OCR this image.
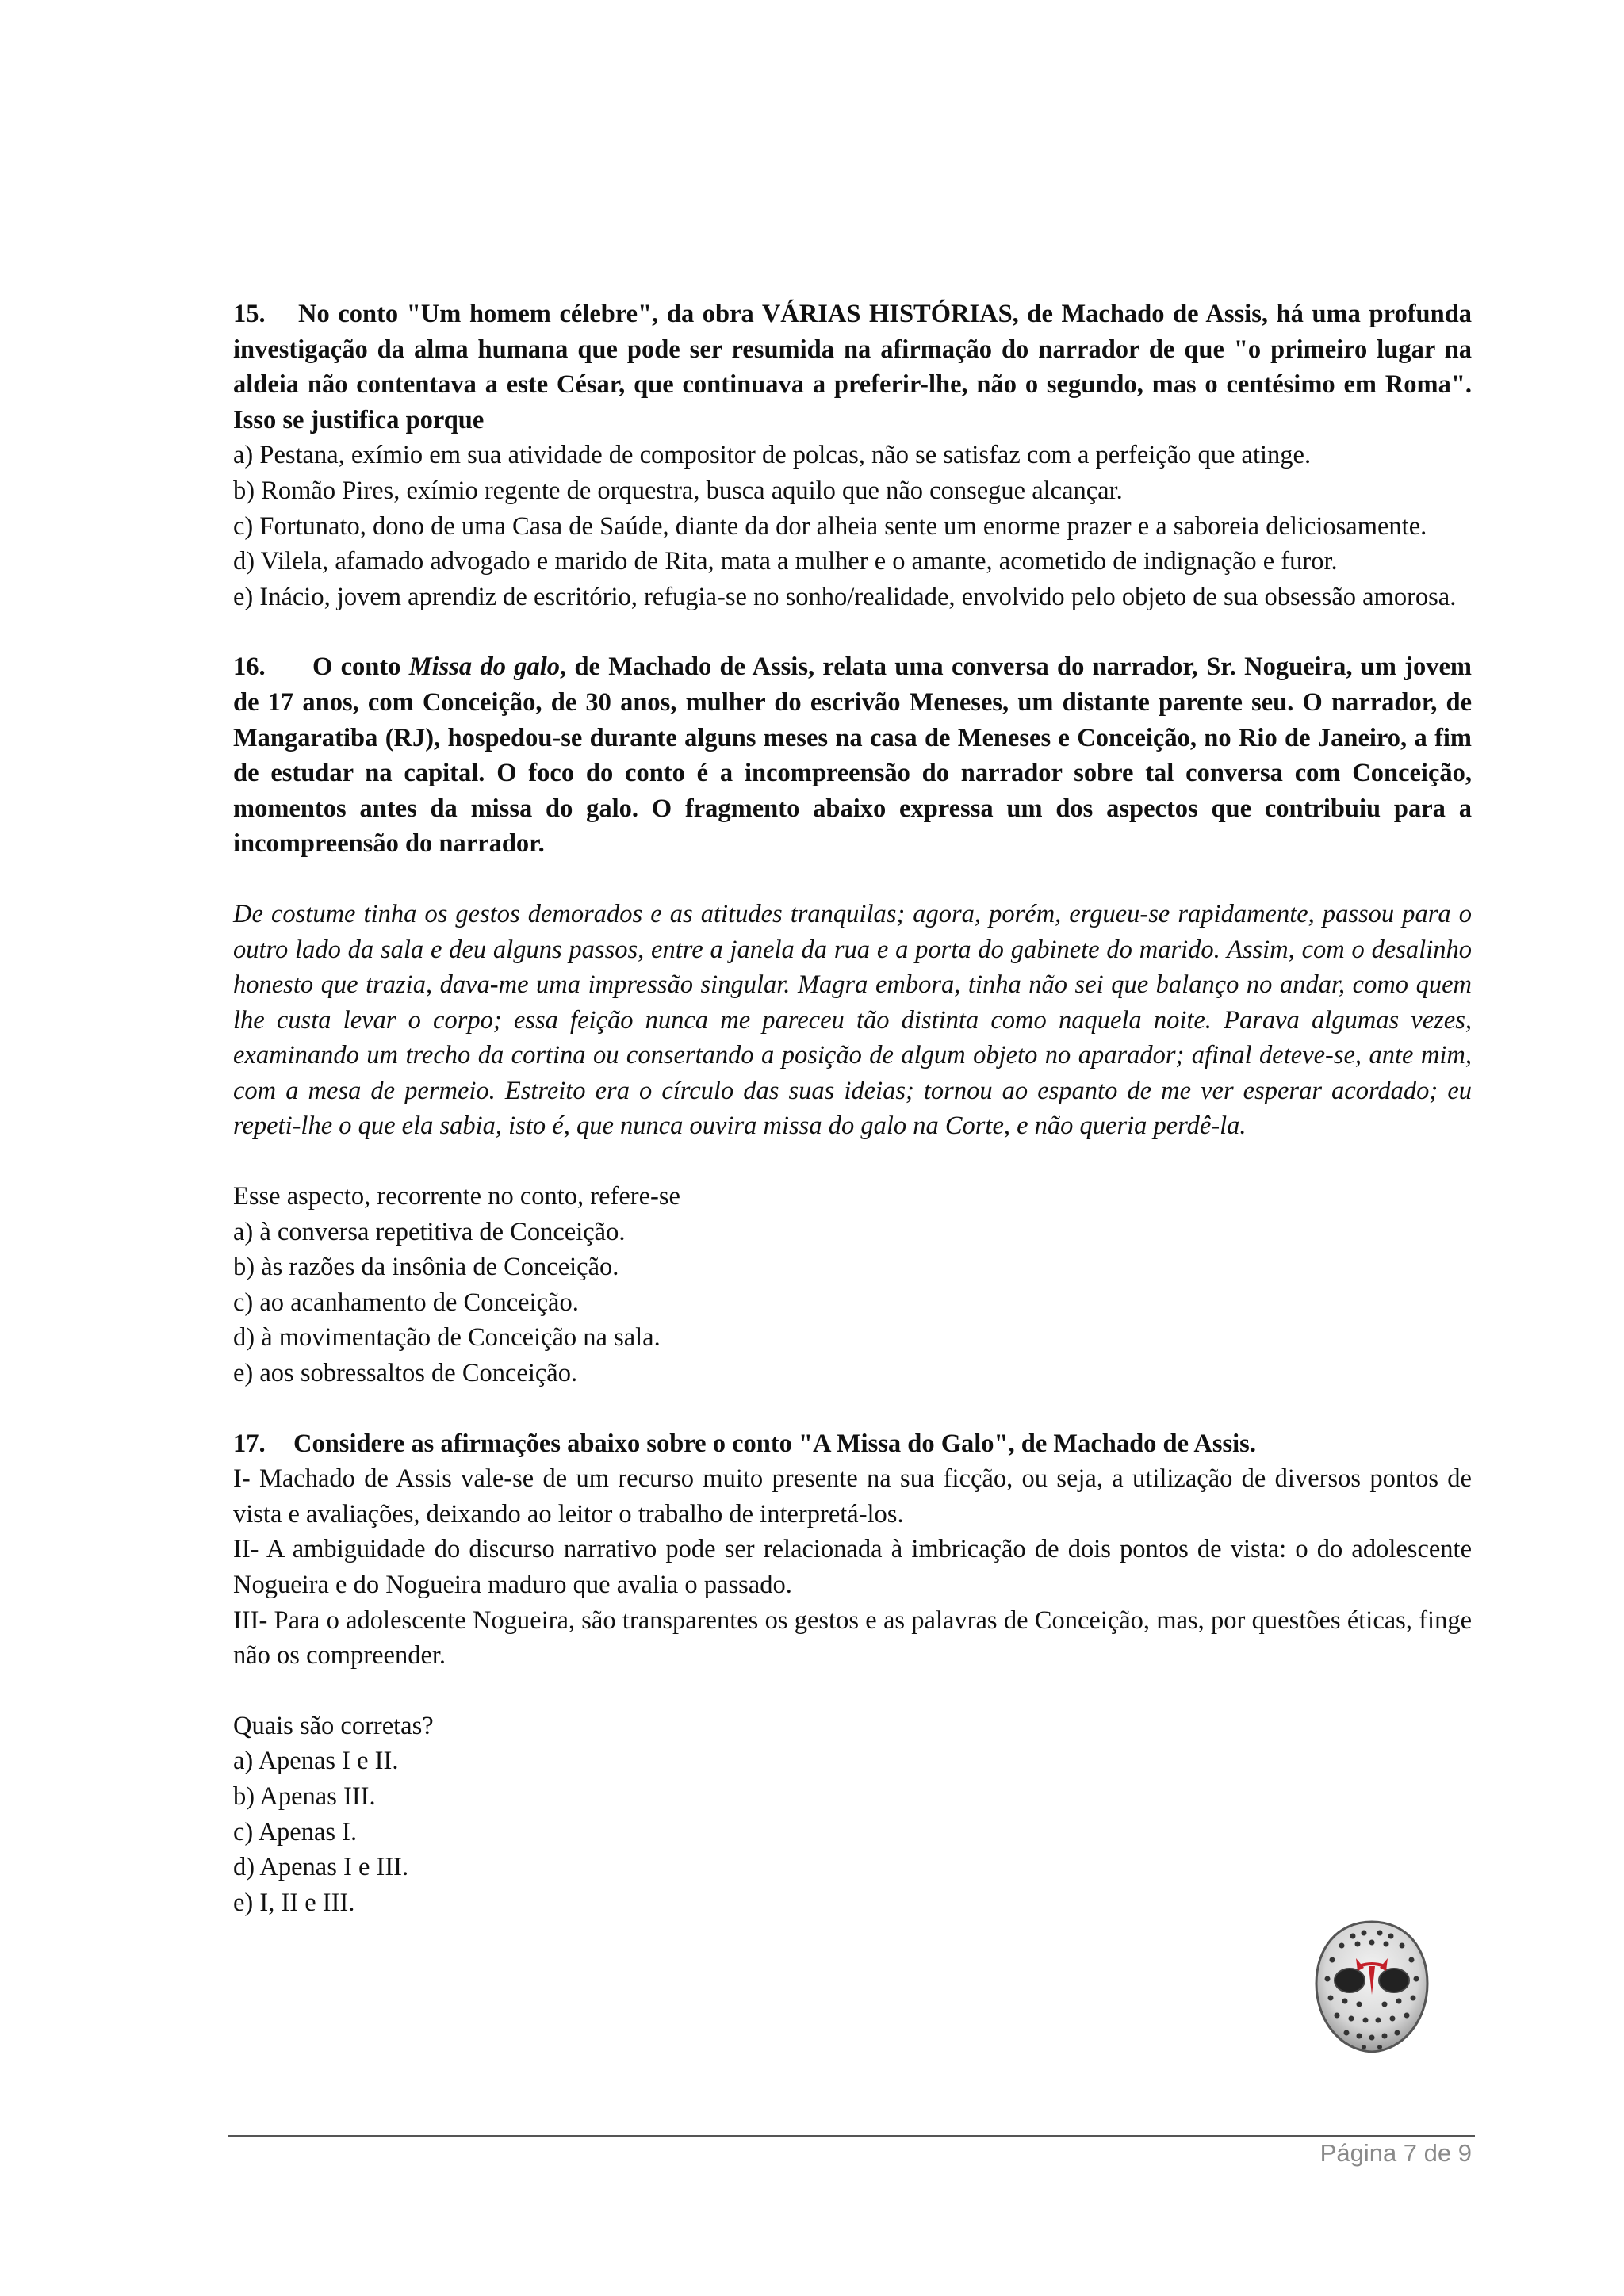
15. No conto "Um homem célebre", da obra VÁRIAS HISTÓRIAS, de Machado de Assis, há uma profunda investigação da alma humana que pode ser resumida na afirmação do narrador de que "o primeiro lugar na aldeia não contentava a este César, que continuava a preferir-lhe, não o segundo, mas o centésimo em Roma". Isso se justifica porque

a) Pestana, exímio em sua atividade de compositor de polcas, não se satisfaz com a perfeição que atinge.

b) Romão Pires, exímio regente de orquestra, busca aquilo que não consegue alcançar.

c) Fortunato, dono de uma Casa de Saúde, diante da dor alheia sente um enorme prazer e a saboreia deliciosamente.

d) Vilela, afamado advogado e marido de Rita, mata a mulher e o amante, acometido de indignação e furor.

e) Inácio, jovem aprendiz de escritório, refugia-se no sonho/realidade, envolvido pelo objeto de sua obsessão amorosa.

16. O conto Missa do galo, de Machado de Assis, relata uma conversa do narrador, Sr. Nogueira, um jovem de 17 anos, com Conceição, de 30 anos, mulher do escrivão Meneses, um distante parente seu. O narrador, de Mangaratiba (RJ), hospedou-se durante alguns meses na casa de Meneses e Conceição, no Rio de Janeiro, a fim de estudar na capital. O foco do conto é a incompreensão do narrador sobre tal conversa com Conceição, momentos antes da missa do galo. O fragmento abaixo expressa um dos aspectos que contribuiu para a incompreensão do narrador.

De costume tinha os gestos demorados e as atitudes tranquilas; agora, porém, ergueu-se rapidamente, passou para o outro lado da sala e deu alguns passos, entre a janela da rua e a porta do gabinete do marido. Assim, com o desalinho honesto que trazia, dava-me uma impressão singular. Magra embora, tinha não sei que balanço no andar, como quem lhe custa levar o corpo; essa feição nunca me pareceu tão distinta como naquela noite. Parava algumas vezes, examinando um trecho da cortina ou consertando a posição de algum objeto no aparador; afinal deteve-se, ante mim, com a mesa de permeio. Estreito era o círculo das suas ideias; tornou ao espanto de me ver esperar acordado; eu repeti-lhe o que ela sabia, isto é, que nunca ouvira missa do galo na Corte, e não queria perdê-la.

Esse aspecto, recorrente no conto, refere-se

a) à conversa repetitiva de Conceição.

b) às razões da insônia de Conceição.

c) ao acanhamento de Conceição.

d) à movimentação de Conceição na sala.

e) aos sobressaltos de Conceição.

17. Considere as afirmações abaixo sobre o conto "A Missa do Galo", de Machado de Assis.

I- Machado de Assis vale-se de um recurso muito presente na sua ficção, ou seja, a utilização de diversos pontos de vista e avaliações, deixando ao leitor o trabalho de interpretá-los.

II- A ambiguidade do discurso narrativo pode ser relacionada à imbricação de dois pontos de vista: o do adolescente Nogueira e do Nogueira maduro que avalia o passado.

III- Para o adolescente Nogueira, são transparentes os gestos e as palavras de Conceição, mas, por questões éticas, finge não os compreender.

Quais são corretas?

a) Apenas I e II.

b) Apenas III.

c) Apenas I.

d) Apenas I e III.

e) I, II e III.

Página 7 de 9
